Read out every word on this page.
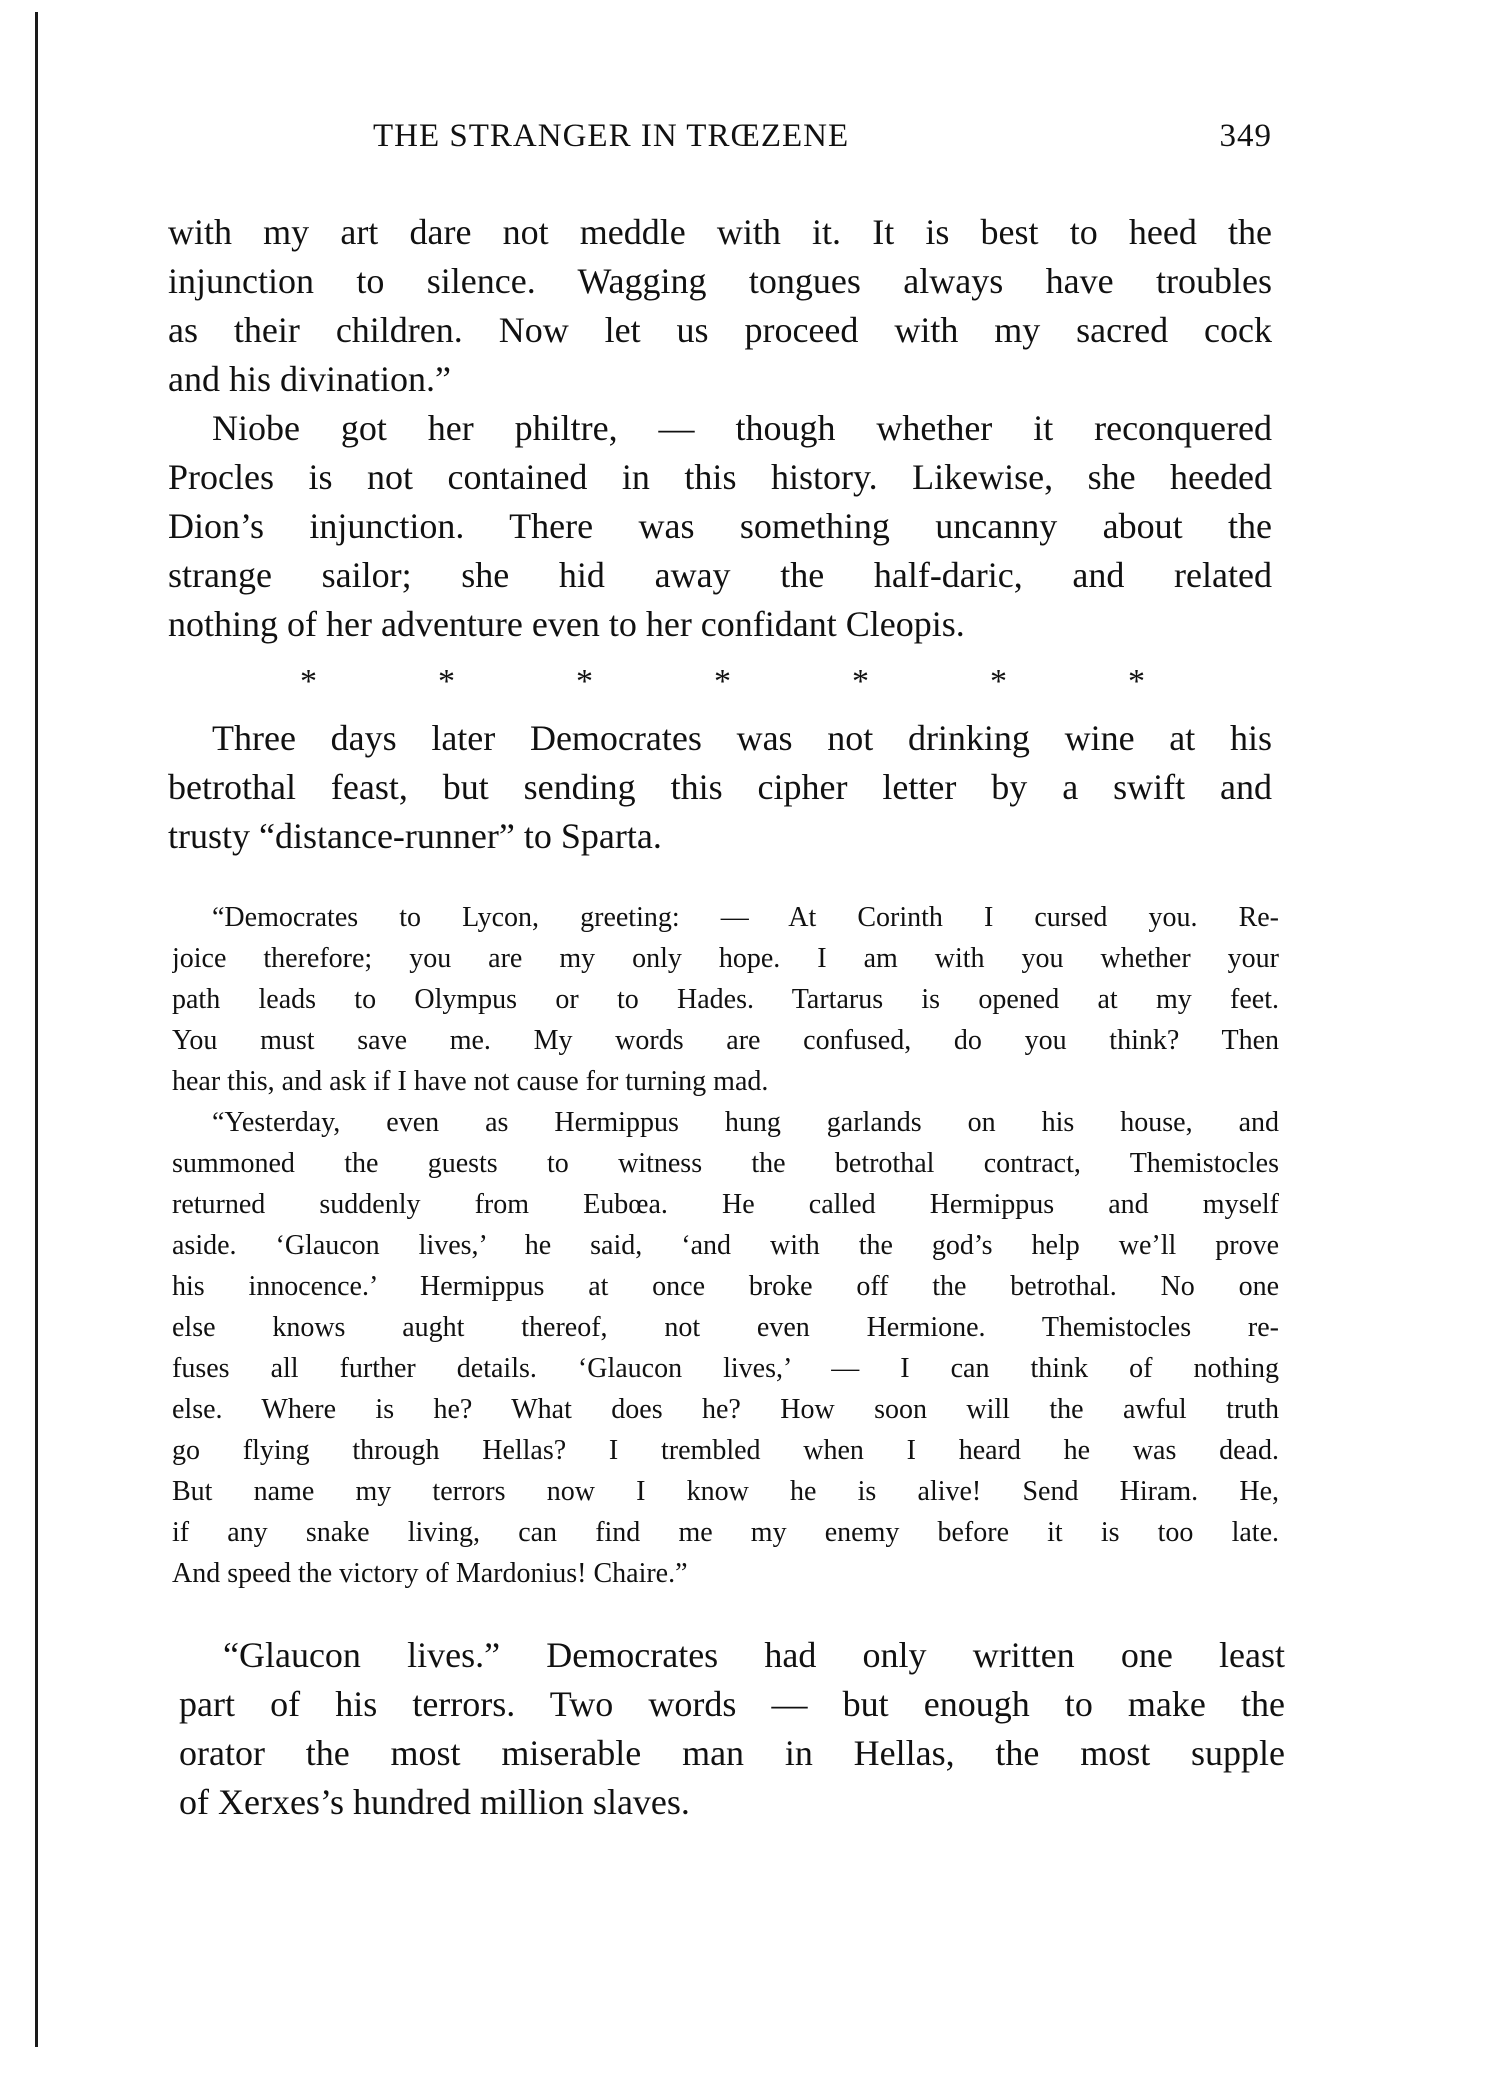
THE STRANGER IN TRŒZENE	349
with my art dare not meddle with it. It is best to heed the
injunction to silence. Wagging tongues always have troubles
as their children. Now let us proceed with my sacred cock
and his divination.”
Niobe got her philtre, — though whether it reconquered
Procles is not contained in this history. Likewise, she heeded
Dion’s injunction. There was something uncanny about the
strange sailor; she hid away the half-daric, and related
nothing of her adventure even to her confidant Cleopis.
*	*	*	*	*	*	*
Three days later Democrates was not drinking wine at his
betrothal feast, but sending this cipher letter by a swift and
trusty “distance-runner” to Sparta.
“Democrates to Lycon, greeting: — At Corinth I cursed you. Re-
joice therefore; you are my only hope. I am with you whether your
path leads to Olympus or to Hades. Tartarus is opened at my feet.
You must save me. My words are confused, do you think? Then
hear this, and ask if I have not cause for turning mad.
“Yesterday, even as Hermippus hung garlands on his house, and
summoned the guests to witness the betrothal contract, Themistocles
returned suddenly from Eubœa. He called Hermippus and myself
aside. ‘Glaucon lives,’ he said, ‘and with the god’s help we’ll prove
his innocence.’ Hermippus at once broke off the betrothal. No one
else knows aught thereof, not even Hermione. Themistocles re-
fuses all further details. ‘Glaucon lives,’ — I can think of nothing
else. Where is he? What does he? How soon will the awful truth
go flying through Hellas? I trembled when I heard he was dead.
But name my terrors now I know he is alive! Send Hiram. He,
if any snake living, can find me my enemy before it is too late.
And speed the victory of Mardonius! Chaire.”
“Glaucon lives.” Democrates had only written one least
part of his terrors. Two words — but enough to make the
orator the most miserable man in Hellas, the most supple
of Xerxes’s hundred million slaves.
